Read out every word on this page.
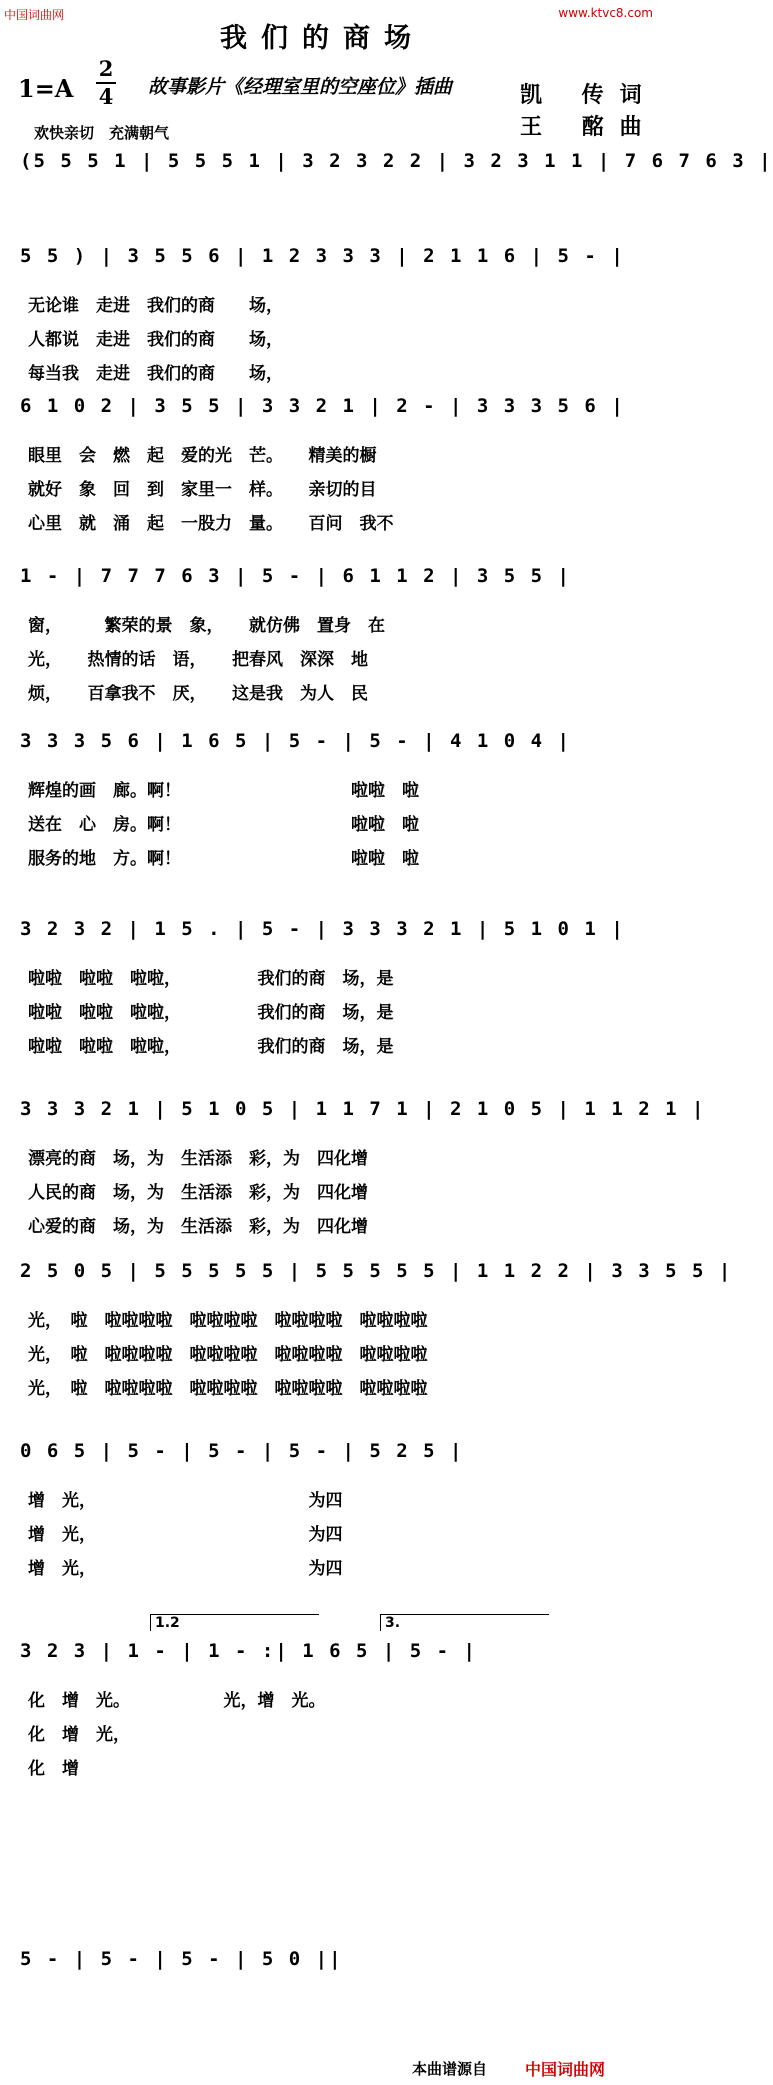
中国词曲网	www.ktvc8.com
我们的商场
1=A
2
4 故事影片《经理室里的空座位》插曲	凯 传词
王 酩曲
欢快亲切　充满朝气
(5 5 5 1 | 5 5 5 1 | 3 2 3 2 2 | 3 2 3 1 1 | 7 6 7 6 3 |
5 5 ) | 3 5 5 6 | 1 2 3 3 3 | 2 1 1 6 | 5 - |
无论谁　走进　我们的商　　场，
人都说　走进　我们的商　　场，
每当我　走进　我们的商　　场，
6 1 0 2 | 3 5 5 | 3 3 2 1 | 2 - | 3 3 3 5 6 |
眼里　会　燃　起　爱的光　芒。　　精美的橱
就好　象　回　到　家里一　样。　　亲切的目
心里　就　涌　起　一股力　量。　　百问　我不
1 - | 7 7 7 6 3 | 5 - | 6 1 1 2 | 3 5 5 |
窗，　　　繁荣的景　象，　　就仿佛　置身　在
光，　　热情的话　语，　　把春风　深深　地
烦，　　百拿我不　厌，　　这是我　为人　民
3 3 3 5 6 | 1 6 5 | 5 - | 5 - | 4 1 0 4 |
辉煌的画　廊。啊！　　　　　　　　　　啦啦　啦
送在　心　房。啊！　　　　　　　　　　啦啦　啦
服务的地　方。啊！　　　　　　　　　　啦啦　啦
3 2 3 2 | 1 5 . | 5 - | 3 3 3 2 1 | 5 1 0 1 |
啦啦　啦啦　啦啦，　　　　　我们的商　场，是
啦啦　啦啦　啦啦，　　　　　我们的商　场，是
啦啦　啦啦　啦啦，　　　　　我们的商　场，是
3 3 3 2 1 | 5 1 0 5 | 1 1 7 1 | 2 1 0 5 | 1 1 2 1 |
漂亮的商　场，为　生活添　彩，为　四化增
人民的商　场，为　生活添　彩，为　四化增
心爱的商　场，为　生活添　彩，为　四化增
2 5 0 5 | 5 5 5 5 5 | 5 5 5 5 5 | 1 1 2 2 | 3 3 5 5 |
光，　啦　啦啦啦啦　啦啦啦啦　啦啦啦啦　啦啦啦啦
光，　啦　啦啦啦啦　啦啦啦啦　啦啦啦啦　啦啦啦啦
光，　啦　啦啦啦啦　啦啦啦啦　啦啦啦啦　啦啦啦啦
0 6 5 | 5 - | 5 - | 5 - | 5 2 5 |
增　光，　　　　　　　　　　　　　为四
增　光，　　　　　　　　　　　　　为四
增　光，　　　　　　　　　　　　　为四
1.2	3.
3 2 3 | 1 - | 1 - :| 1 6 5 | 5 - |
化　增　光。　　　　　　光，增　光。
化　增　光，
化　增
5 - | 5 - | 5 - | 5 0 ||
本曲谱源自 中国词曲网
